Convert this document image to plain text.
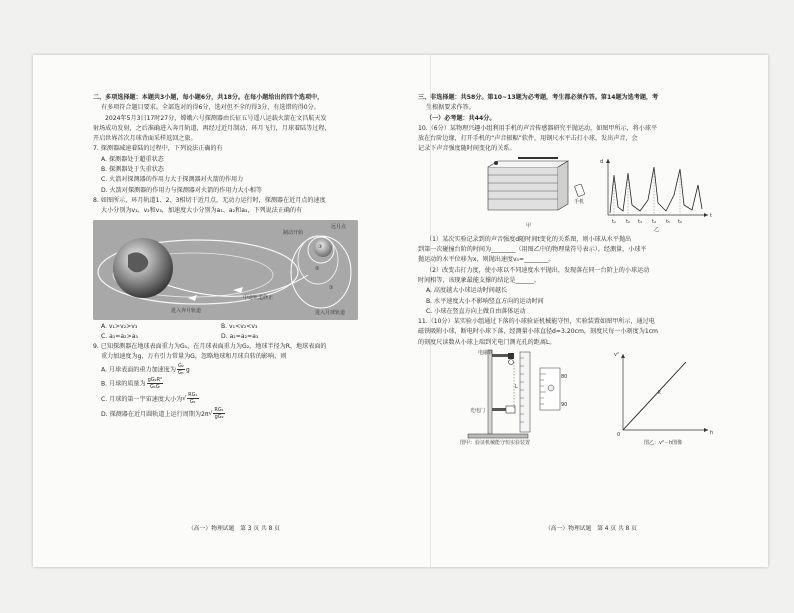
二、多项选择题：本题共3小题，每小题6分，共18分。在每小题给出的四个选项中，

有多项符合题目要求。全部选对的得6分，选对但不全的得3分，有选错的得0分。

2024年5月3日17时27分，嫦娥六号探测器由长征五号遥八运载火箭在文昌航天发

射场成功发射，之后准确进入奔月轨道，再经过近月制动、环月飞行，月球着陆等过程，

开启世界首次月球背面采样返回之旅。

7. 探测器减速着陆的过程中，下列说法正确的有

A. 探测器处于超重状态

B. 探测器处于失重状态

C. 火箭对探测器的作用力大于探测器对火箭的作用力

D. 火箭对探测器的作用力与探测器对火箭的作用力大小相等

8. 如图所示，环月轨道1、2、3相切于近月点，无动力运行时，探测器在近月点的速度

大小分别为v₁、v₂和v₃，加速度大小分别为a₁、a₂和a₃，下列说法正确的有

制动开始
远月点
中途轨道修正
进入奔月轨道	进入月球轨道
③
②
①
A. v₁>v₂>v₃	B. v₁<v₂<v₃
C. a₁=a₂>a₃	D. a₁=a₂=a₃

9. 已知探测器在地球表面重力为G₁，在月球表面重力为G₂，地球半径为R，地球表面的

重力加速度为g，万有引力常量为G，忽略地球和月球自转的影响，则

A. 月球表面的重力加速度为 $\frac{\text{G₂}}{\text{G₁}}$ g

B. 月球的质量为 $\frac{\text{gG₂R²}}{\text{G₁G}}$

C. 月球的第一宇宙速度大小为√ $\frac{\text{RG₁}}{\text{G₁}}$

D. 探测器在近月圆轨道上运行周期为$2\pi√ \frac{\text{RG₁}}{\text{gG₂}}$

（高一）物理试题　第 3 页 共 8 页

三、非选择题：共58分。第10~13题为必考题，考生都必须作答。第14题为选考题，考

生根据要求作答。

（一）必考题：共44分。

10.（6分）某物理兴趣小组利用手机的声音传感器研究平抛运动，如图甲所示，将小球平

放在台阶边缘，打开手机的“声音振幅”软件，用钢尺水平击打小球，发出声音，会

记录下声音强度随时间变化的关系。

手机
甲
乙
d
t
t₁ t₂ t₃ t₄ t₅ t₆

（1）某次实验记录到的声音强度d随时间t变化的关系图，则小球从水平抛出

到第一次碰撞台阶的时间为________（用图乙中的物理量符号表示）。经测量，小球平

抛运动的水平位移为x，则抛出速度v₀=________。

（2）改变击打力度，使小球以不同速度水平抛出，发现落在同一台阶上的小球运动

时间相等，该现象最能支撑的结论是______。

A. 高度越大小球运动时间越长

B. 水平速度大小不影响竖直方向的运动时间

C. 小球在竖直方向上做自由落体运动

11.（10分）某实验小组通过下落的小球验证机械能守恒，实验装置如图甲所示，通过电

磁铁吸附小球，断电时小球下落，经测量小球直径d=3.20cm，刻度尺每一小刻度为1cm

的刻度尺读数从小球上端到光电门测光孔的距离L。

电磁铁
光电门
L
80
90
图甲：验证机械能守恒实验装置
v²
h
k
0
图乙：v²－h图像
（高一）物理试题　第 4 页 共 8 页
